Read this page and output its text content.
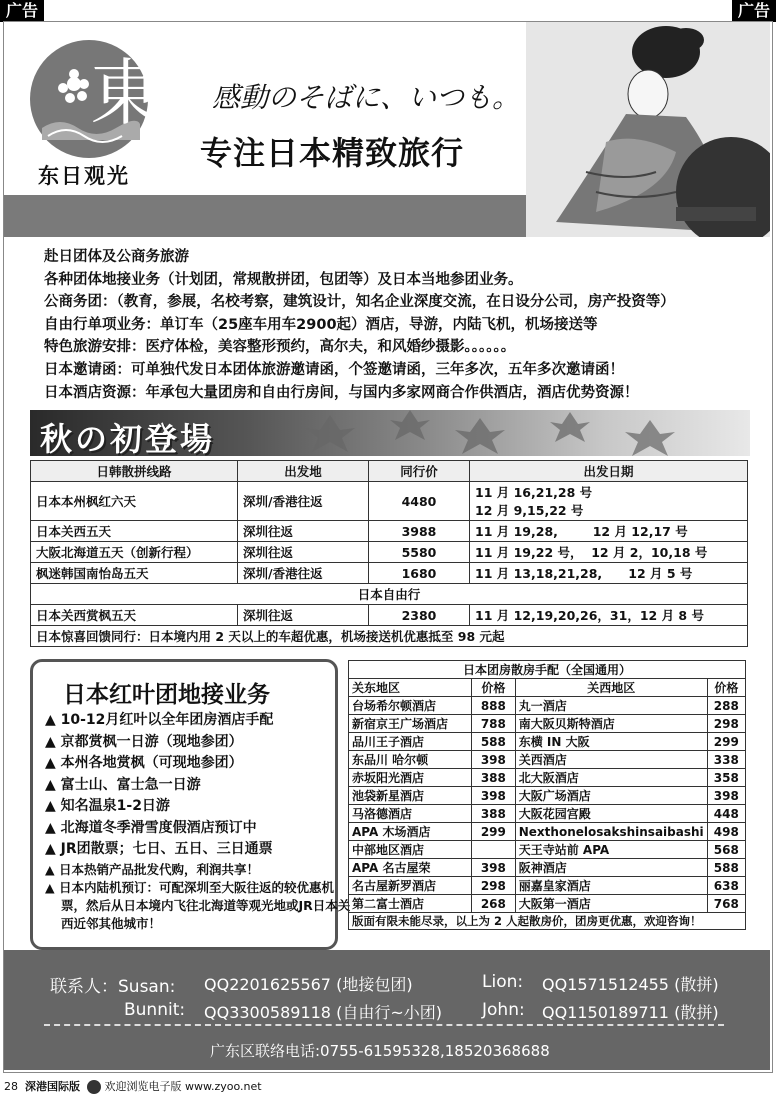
广告	广告
東
东日观光
感動のそばに、いつも。
专注日本精致旅行
赴日团体及公商务旅游
各种团体地接业务（计划团，常规散拼团，包团等）及日本当地参团业务。
公商务团：（教育，参展，名校考察，建筑设计，知名企业深度交流，在日设分公司，房产投资等）
自由行单项业务：单订车（25座车用车2900起）酒店，导游，内陆飞机，机场接送等
特色旅游安排：医疗体检，美容整形预约，高尔夫，和风婚纱摄影。。。。。。
日本邀请函：可单独代发日本团体旅游邀请函，个签邀请函，三年多次，五年多次邀请函！
日本酒店资源：年承包大量团房和自由行房间，与国内多家网商合作供酒店，酒店优势资源！
秋の初登場
日韩散拼线路	出发地	同行价	出发日期
日本本州枫红六天	深圳/香港往返	4480	11 月 16,21,28 号
12 月 9,15,22 号

日本关西五天	深圳往返	3988	11 月 19,28,        12 月 12,17 号
大阪北海道五天（创新行程）	深圳往返	5580	11 月 19,22 号，  12 月 2，10,18 号
枫迷韩国南怡岛五天	深圳/香港往返	1680	11 月 13,18,21,28,      12 月 5 号
日本自由行			
日本关西赏枫五天	深圳往返	2380	11 月 12,19,20,26，31，12 月 8 号
日本惊喜回馈同行：日本境内用 2 天以上的车超优惠，机场接送机优惠抵至 98 元起			
日本红叶团地接业务
▲ 10-12月红叶以全年团房酒店手配
▲ 京都赏枫一日游（现地参团）
▲ 本州各地赏枫（可现地参团）
▲ 富士山、富士急一日游
▲ 知名温泉1-2日游
▲ 北海道冬季滑雪度假酒店预订中
▲ JR团散票；七日、五日、三日通票
▲ 日本热销产品批发代购，利润共享！
▲ 日本内陆机预订：可配深圳至大阪往返的较优惠机票，然后从日本境内飞往北海道等观光地或JR日本关西近邻其他城市！
日本团房散房手配（全国通用）			
关东地区	价格	关西地区	价格
台场希尔顿酒店	888	丸一酒店	288
新宿京王广场酒店	788	南大阪贝斯特酒店	298
品川王子酒店	588	东横 IN 大阪	299
东品川 哈尔顿	398	关西酒店	338
赤坂阳光酒店	388	北大阪酒店	358
池袋新星酒店	398	大阪广场酒店	398
马洛德酒店	388	大阪花园宫殿	448
APA 木场酒店	299	Nexthonelosakshinsaibashi	498
中部地区酒店		天王寺站前 APA	568
APA 名古屋荣	398	阪神酒店	588
名古屋新罗酒店	298	丽嘉皇家酒店	638
第二富士酒店	268	大阪第一酒店	768
版面有限未能尽录，以上为 2 人起散房价，团房更优惠，欢迎咨询！			
联系人：Susan: QQ2201625567 (地接包团)
Bunnit: QQ3300589118 (自由行~小团)
Lion: QQ1571512455 (散拼)
John: QQ1150189711 (散拼)
广东区联络电话:0755-61595328,18520368688
28 深港国际版 欢迎浏览电子版 www.zyoo.net
